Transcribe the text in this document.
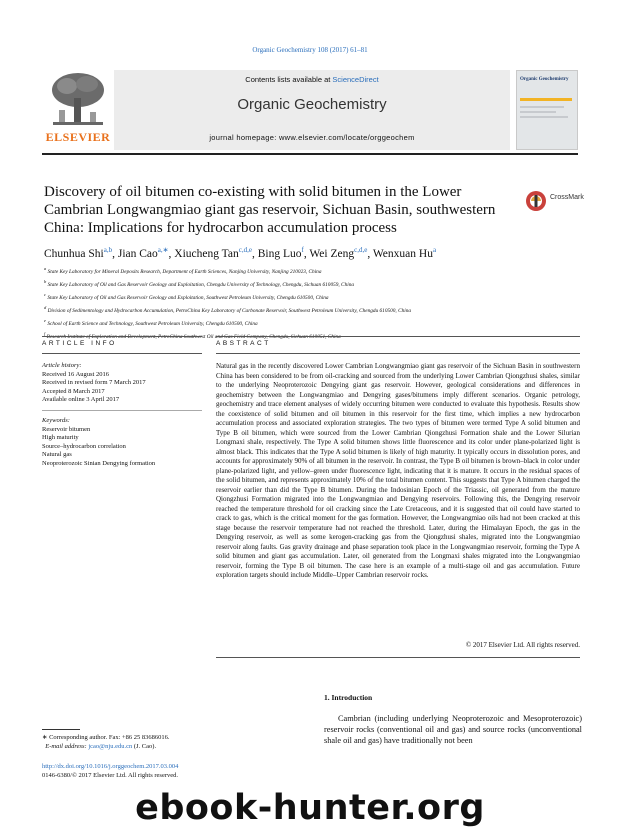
Organic Geochemistry 108 (2017) 61–81
ELSEVIER
Contents lists available at ScienceDirect
Organic Geochemistry
journal homepage: www.elsevier.com/locate/orggeochem
Organic Geochemistry
Discovery of oil bitumen co-existing with solid bitumen in the Lower Cambrian Longwangmiao giant gas reservoir, Sichuan Basin, southwestern China: Implications for hydrocarbon accumulation process
CrossMark
Chunhua Shi$^{a,b}$, Jian Cao$^{a,∗}$, Xiucheng Tan$^{c,d,e}$, Bing Luo$^f$, Wei Zeng$^{c,d,e}$, Wenxuan Hu$^a$
$^a$ State Key Laboratory for Mineral Deposits Research, Department of Earth Sciences, Nanjing University, Nanjing 210023, China
$^b$ State Key Laboratory of Oil and Gas Reservoir Geology and Exploitation, Chengdu University of Technology, Chengdu, Sichuan 610059, China
$^c$ State Key Laboratory of Oil and Gas Reservoir Geology and Exploitation, Southwest Petroleum University, Chengdu 610500, China
$^d$ Division of Sedimentology and Hydrocarbon Accumulation, PetroChina Key Laboratory of Carbonate Reservoir, Southwest Petroleum University, Chengdu 610500, China
$^e$ School of Earth Science and Technology, Southwest Petroleum University, Chengdu 610500, China
$^f$ Oil
ARTICLE INFO
Article history:
Received 16 August 2016
Received in revised form 7 March 2017
Accepted 8 March 2017
Available online 3 April 2017
Keywords:
Reservoir bitumen
High maturity
Source–hydrocarbon correlation
Natural gas
Neoproterozoic Sinian Dengying formation
ABSTRACT
Natural gas in the recently discovered Lower Cambrian Longwangmiao giant gas reservoir of the Sichuan Basin in southwestern China has been considered to be from oil-cracking and sourced from the underlying Lower Cambrian Qiongzhusi shales, similar to the underlying Neoproterozoic Dengying giant gas reservoir. However, geological considerations and differences in geochemistry between the Longwangmiao and Dengying gases/bitumens imply different scenarios. Organic petrology, geochemistry and trace element analyses of widely occurring bitumen were conducted to evaluate this hypothesis. Results show the coexistence of solid bitumen and oil bitumen in this reservoir for the first time, which implies a new hydrocarbon accumulation process and associated exploration strategies. The two types of bitumen were termed Type A solid bitumen and Type B oil bitumen, which were sourced from the Lower Cambrian Qiongzhusi Formation shale and the Lower Silurian Longmaxi shale, respectively. The Type A solid bitumen shows little fluorescence and its color under plane-polarized light is almost black. This indicates that the Type A solid bitumen is likely of high maturity. It typically occurs in dissolution pores, and accounts for approximately 90% of all bitumen in the reservoir. In contrast, the Type B oil bitumen is brown–black in color under plane-polarized light, and yellow–green under fluorescence light, indicating that it is mature. It occurs in the residual spaces of the solid bitumen, and represents approximately 10% of the total bitumen content. This suggests that Type A bitumen charged the reservoir earlier than did the Type B bitumen. During the Indosinian Epoch of the Triassic, oil generated from the mature Qiongzhusi Formation migrated into the Longwangmiao and Dengying reservoirs. Following this, the Dengying reservoir reached the temperature threshold for oil cracking since the Late Cretaceous, and it is suggested that oil could have started to crack to gas, which is the critical moment for the gas formation. However, the Longwangmiao oils had not been cracked at this stage because the reservoir temperature had not reached the threshold. Later, during the Himalayan Epoch, the gas in the Dengying reservoir, as well as some kerogen-cracking gas from the Qiongzhusi shales, migrated into the Longwangmiao reservoir along faults. Gas gravity drainage and phase separation took place in the Longwangmiao reservoir, forming the Type A solid bitumen and giant gas accumulation. Later, oil generated from the Longmaxi shales migrated into the Longwangmiao reservoir, forming the Type B oil bitumen. The case here is an example of a multi-stage oil and gas accumulation. Future exploration targets should include Middle–Upper Cambrian reservoir rocks.
© 2017 Elsevier Ltd. All rights reserved.
1. Introduction
Cambrian (including underlying Neoproterozoic and Mesoproterozoic) reservoir rocks (conventional oil and gas) and source rocks (unconventional shale oil and gas) have traditionally not been
∗ Corresponding author. Fax: +86 25 83686016.
E-mail address: jcao@nju.edu.cn (J. Cao).
http://dx.doi.org/10.1016/j.orggeochem.2017.03.004
0146-6380/© 2017 Elsevier Ltd. All rights reserved.
ebook-hunter.org
